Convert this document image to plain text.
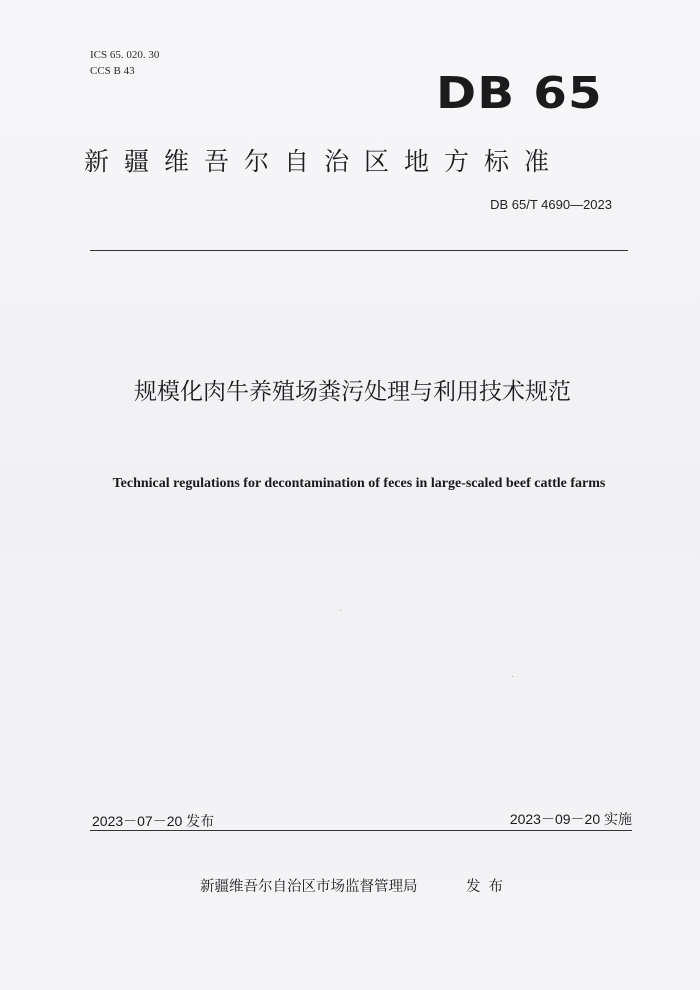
ICS 65. 020. 30
CCS B 43	DB 65
新疆维吾尔自治区地方标准
DB 65/T 4690—2023
规模化肉牛养殖场粪污处理与利用技术规范
Technical regulations for decontamination of feces in large-scaled beef cattle farms
2023－07－20 发布	2023－09－20 实施
新疆维吾尔自治区市场监督管理局	发布
